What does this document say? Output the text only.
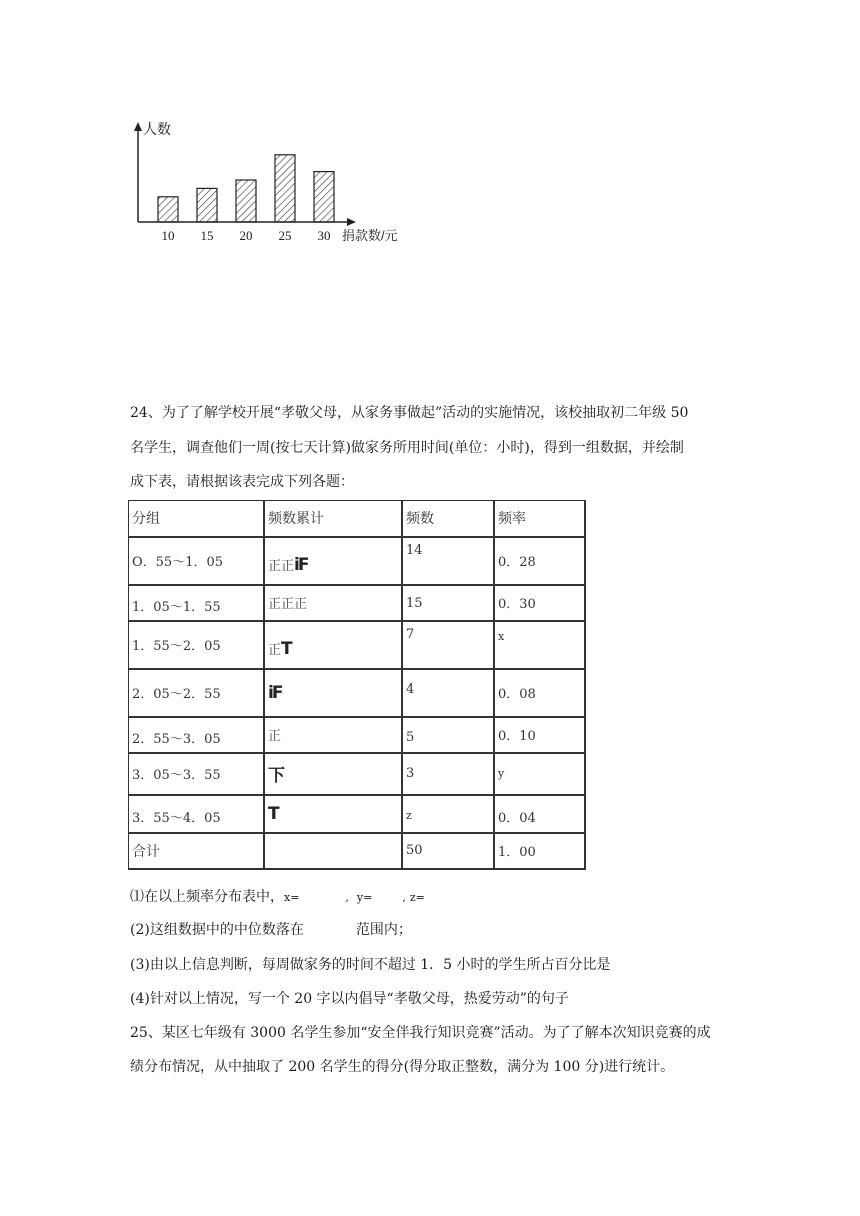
人数
捐款数/元
10 15 20 25 30
24、为了了解学校开展“孝敬父母，从家务事做起”活动的实施情况，该校抽取初二年级 50
名学生，调查他们一周(按七天计算)做家务所用时间(单位：小时)，得到一组数据，并绘制
成下表，请根据该表完成下列各题：
分组	频数累计	频数	频率
O．55～1．05	正正iF	14	0．28
1．05～1．55	正正正	15	0．30
1．55～2．05	正T	7	x
2．05～2．55	iF	4	0．08
2．55～3．05	正	5	0．10
3．05～3．55	下	3	y
3．55～4．05	T	z	0．04
合计		50	1．00
⑴在以上频率分布表中，x=	, y=	, z=
(2)这组数据中的中位数落在	范围内；
(3)由以上信息判断，每周做家务的时间不超过 1．5 小时的学生所占百分比是
(4)针对以上情况，写一个 20 字以内倡导“孝敬父母，热爱劳动”的句子
25、某区七年级有 3000 名学生参加“安全伴我行知识竞赛”活动。为了了解本次知识竞赛的成
绩分布情况，从中抽取了 200 名学生的得分(得分取正整数，满分为 100 分)进行统计。
